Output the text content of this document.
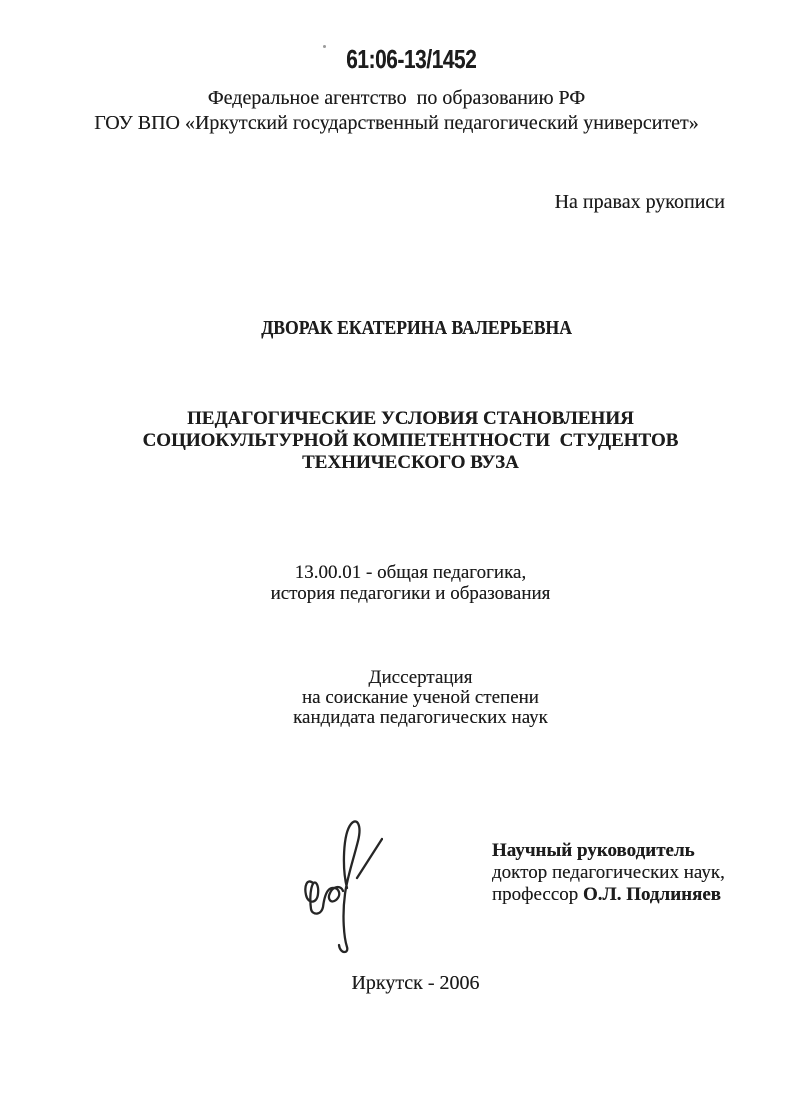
61:06-13/1452
Федеральное агентство  по образованию РФ
ГОУ ВПО «Иркутский государственный педагогический университет»
На правах рукописи
ДВОРАК ЕКАТЕРИНА ВАЛЕРЬЕВНА
ПЕДАГОГИЧЕСКИЕ УСЛОВИЯ СТАНОВЛЕНИЯ
СОЦИОКУЛЬТУРНОЙ КОМПЕТЕНТНОСТИ  СТУДЕНТОВ
ТЕХНИЧЕСКОГО ВУЗА
13.00.01 - общая педагогика,
история педагогики и образования
Диссертация
на соискание ученой степени
кандидата педагогических наук
Научный руководитель
доктор педагогических наук,
профессор О.Л. Подлиняев
Иркутск - 2006
